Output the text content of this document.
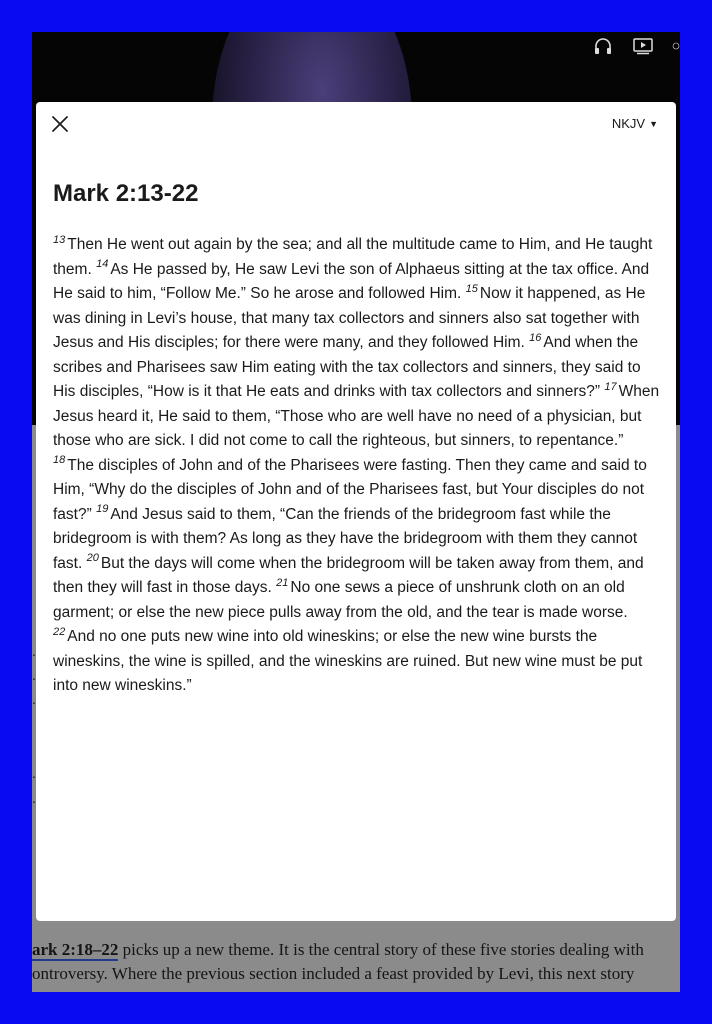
.
.
.
.
.
ark 2:18–22 picks up a new theme. It is the central story of these five stories dealing with
ontroversy. Where the previous section included a feast provided by Levi, this next story
NKJV ▼
Mark 2:13-22

$^{13}$ Then He went out again by the sea; and all the multitude came to Him, and He taught them. $^{14}$ As He passed by, He saw Levi the son of Alphaeus sitting at the tax office. And He said to him, “Follow Me.” So he arose and followed Him. $^{15}$ Now it happened, as He was dining in Levi’s house, that many tax collectors and sinners also sat together with Jesus and His disciples; for there were many, and they followed Him. $^{16}$ And when the scribes and Pharisees saw Him eating with the tax collectors and sinners, they said to His disciples, “How is it that He eats and drinks with tax collectors and sinners?” $^{17}$ When Jesus heard it, He said to them, “Those who are well have no need of a physician, but those who are sick. I did not come to call the righteous, but sinners, to repentance.” $^{18}$ The disciples of John and of the Pharisees were fasting. Then they came and said to Him, “Why do the disciples of John and of the Pharisees fast, but Your disciples do not fast?” $^{19}$ And Jesus said to them, “Can the friends of the bridegroom fast while the bridegroom is with them? As long as they have the bridegroom with them they cannot fast. $^{20}$ But the days will come when the bridegroom will be taken away from them, and then they will fast in those days. $^{21}$ No one sews a piece of unshrunk cloth on an old garment; or else the new piece pulls away from the old, and the tear is made worse. $^{22}$ And no one puts new wine into old wineskins; or else the new wine bursts the wineskins, the wine is spilled, and the wineskins are ruined. But new wine must be put into new wineskins.”
